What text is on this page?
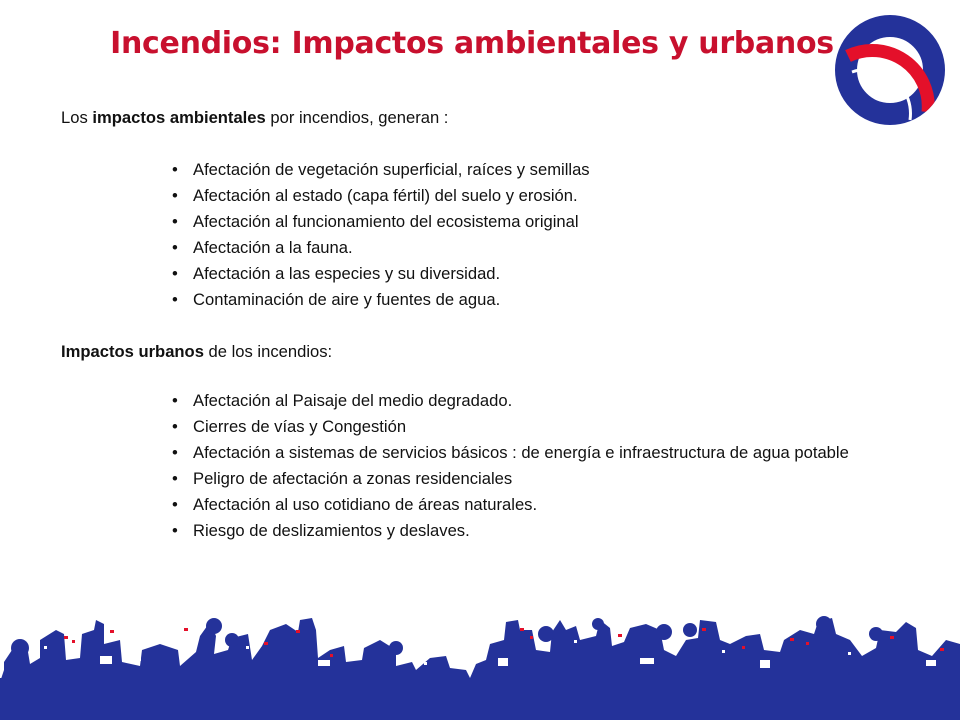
Incendios: Impactos ambientales y urbanos
Los impactos ambientales por incendios, generan :
• Afectación de vegetación superficial, raíces y semillas
• Afectación al estado (capa fértil) del suelo y erosión.
• Afectación al funcionamiento del ecosistema original
• Afectación a la fauna.
• Afectación a las especies y su diversidad.
• Contaminación de aire y fuentes de agua.
Impactos urbanos de los incendios:
• Afectación al Paisaje del medio degradado.
• Cierres de vías y Congestión
• Afectación a sistemas de servicios básicos : de energía e infraestructura de agua potable
• Peligro de afectación a zonas residenciales
• Afectación al uso cotidiano de áreas naturales.
• Riesgo de deslizamientos y deslaves.
